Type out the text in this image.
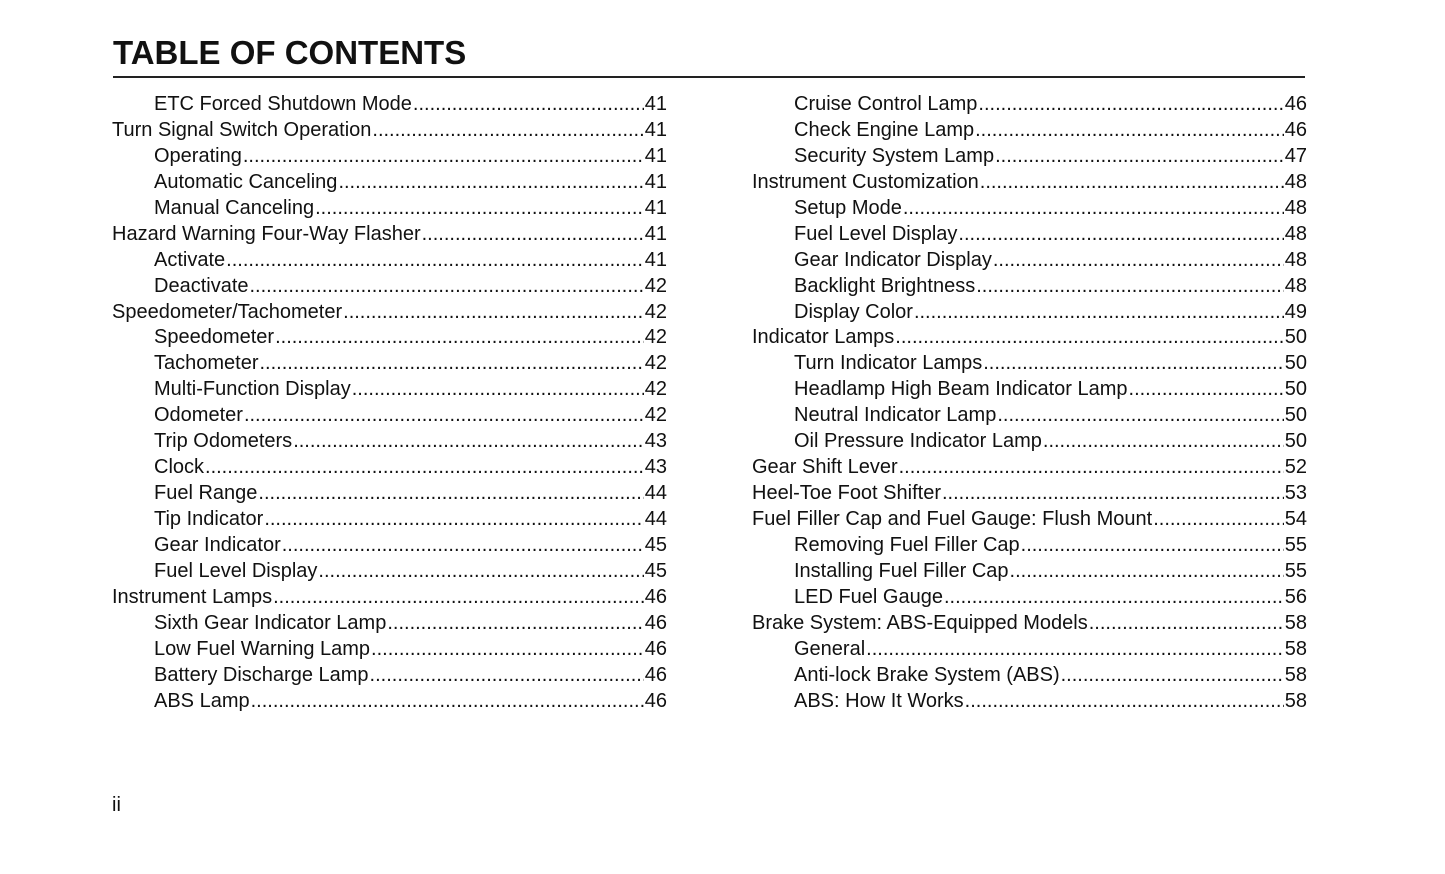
TABLE OF CONTENTS
ETC Forced Shutdown Mode .....	41
Turn Signal Switch Operation .....	41
Operating .....	41
Automatic Canceling .....	41
Manual Canceling .....	41
Hazard Warning Four-Way Flasher .....	41
Activate .....	41
Deactivate .....	42
Speedometer/Tachometer .....	42
Speedometer .....	42
Tachometer .....	42
Multi-Function Display .....	42
Odometer .....	42
Trip Odometers .....	43
Clock .....	43
Fuel Range .....	44
Tip Indicator .....	44
Gear Indicator .....	45
Fuel Level Display .....	45
Instrument Lamps .....	46
Sixth Gear Indicator Lamp .....	46
Low Fuel Warning Lamp .....	46
Battery Discharge Lamp .....	46
ABS Lamp .....	46
Cruise Control Lamp .....	46
Check Engine Lamp .....	46
Security System Lamp .....	47
Instrument Customization .....	48
Setup Mode .....	48
Fuel Level Display .....	48
Gear Indicator Display .....	48
Backlight Brightness .....	48
Display Color .....	49
Indicator Lamps .....	50
Turn Indicator Lamps .....	50
Headlamp High Beam Indicator Lamp .....	50
Neutral Indicator Lamp .....	50
Oil Pressure Indicator Lamp .....	50
Gear Shift Lever .....	52
Heel-Toe Foot Shifter .....	53
Fuel Filler Cap and Fuel Gauge: Flush Mount .....	54
Removing Fuel Filler Cap .....	55
Installing Fuel Filler Cap .....	55
LED Fuel Gauge .....	56
Brake System: ABS-Equipped Models .....	58
General .....	58
Anti-lock Brake System (ABS) .....	58
ABS: How It Works .....	58
ii
